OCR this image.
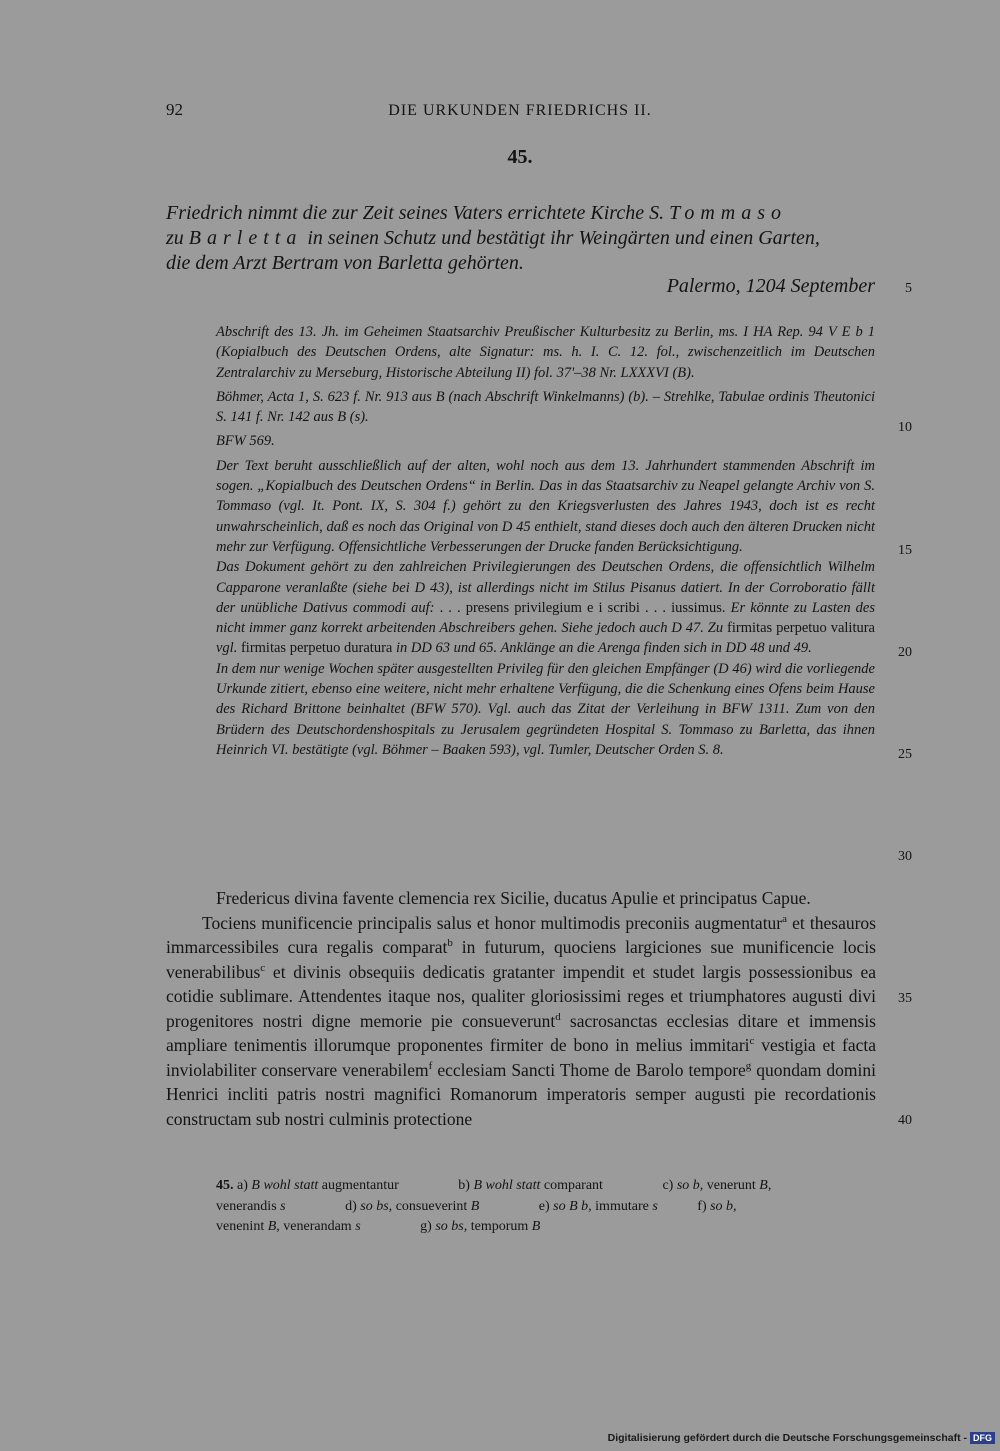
92	DIE URKUNDEN FRIEDRICHS II.
45.

Friedrich nimmt die zur Zeit seines Vaters errichtete Kirche S. Tommaso

zu Barletta in seinen Schutz und bestätigt ihr Weingärten und einen Garten,

die dem Arzt Bertram von Barletta gehörten.

Palermo, 1204 September 5
10
15
20
25
30
35
40

Abschrift des 13. Jh. im Geheimen Staatsarchiv Preußischer Kulturbesitz zu Berlin, ms. I HA Rep. 94 V E b 1 (Kopialbuch des Deutschen Ordens, alte Signatur: ms. h. I. C. 12. fol., zwischenzeitlich im Deutschen Zentralarchiv zu Merseburg, Historische Abteilung II) fol. 37'–38 Nr. LXXXVI (B).

Böhmer, Acta 1, S. 623 f. Nr. 913 aus B (nach Abschrift Winkelmanns) (b). – Strehlke, Tabulae ordinis Theutonici S. 141 f. Nr. 142 aus B (s).

BFW 569.

Der Text beruht ausschließlich auf der alten, wohl noch aus dem 13. Jahrhundert stammenden Abschrift im sogen. „Kopialbuch des Deutschen Ordens“ in Berlin. Das in das Staatsarchiv zu Neapel gelangte Archiv von S. Tommaso (vgl. It. Pont. IX, S. 304 f.) gehört zu den Kriegsverlusten des Jahres 1943, doch ist es recht unwahrscheinlich, daß es noch das Original von D 45 enthielt, stand dieses doch auch den älteren Drucken nicht mehr zur Verfügung. Offensichtliche Verbesserungen der Drucke fanden Berücksichtigung.

Das Dokument gehört zu den zahlreichen Privilegierungen des Deutschen Ordens, die offensichtlich Wilhelm Capparone veranlaßte (siehe bei D 43), ist allerdings nicht im Stilus Pisanus datiert. In der Corroboratio fällt der unübliche Dativus commodi auf: . . . presens privilegium e i scribi . . . iussimus. Er könnte zu Lasten des nicht immer ganz korrekt arbeitenden Abschreibers gehen. Siehe jedoch auch D 47. Zu firmitas perpetuo valitura vgl. firmitas perpetuo duratura in DD 63 und 65. Anklänge an die Arenga finden sich in DD 48 und 49.

In dem nur wenige Wochen später ausgestellten Privileg für den gleichen Empfänger (D 46) wird die vorliegende Urkunde zitiert, ebenso eine weitere, nicht mehr erhaltene Verfügung, die die Schenkung eines Ofens beim Hause des Richard Brittone beinhaltet (BFW 570). Vgl. auch das Zitat der Verleihung in BFW 1311. Zum von den Brüdern des Deutschordenshospitals zu Jerusalem gegründeten Hospital S. Tommaso zu Barletta, das ihnen Heinrich VI. bestätigte (vgl. Böhmer – Baaken 593), vgl. Tumler, Deutscher Orden S. 8.

Fredericus divina favente clemencia rex Sicilie, ducatus Apulie et principatus Capue.

Tociens munificencie principalis salus et honor multimodis preconiis augmentatur$^a$ et thesauros immarcessibiles cura regalis comparat$^b$ in futurum, quociens largiciones sue munificencie locis venerabilibus$^c$ et divinis obsequiis dedicatis gratanter impendit et studet largis possessionibus ea cotidie sublimare. Attendentes itaque nos, qualiter gloriosissimi reges et triumphatores augusti divi progenitores nostri digne memorie pie consueverunt$^d$ sacrosanctas ecclesias ditare et immensis ampliare tenimentis illorumque proponentes firmiter de bono in melius immitari$^c$ vestigia et facta inviolabiliter conservare venerabilem$^f$ ecclesiam Sancti Thome de Barolo tempore$^g$ quondam domini Henrici incliti patris nostri magnifici Romanorum imperatoris semper augusti pie recordationis constructam sub nostri culminis protectione

45. a) B wohl statt augmentantur	b) B wohl statt comparant	c) so b, venerunt B,

venerandis s	d) so bs, consueverint B	e) so B b, immutare s	f) so b,

venenint B, venerandam s	g) so bs, temporum B

Digitalisierung gefördert durch die Deutsche Forschungsgemeinschaft - DFG
